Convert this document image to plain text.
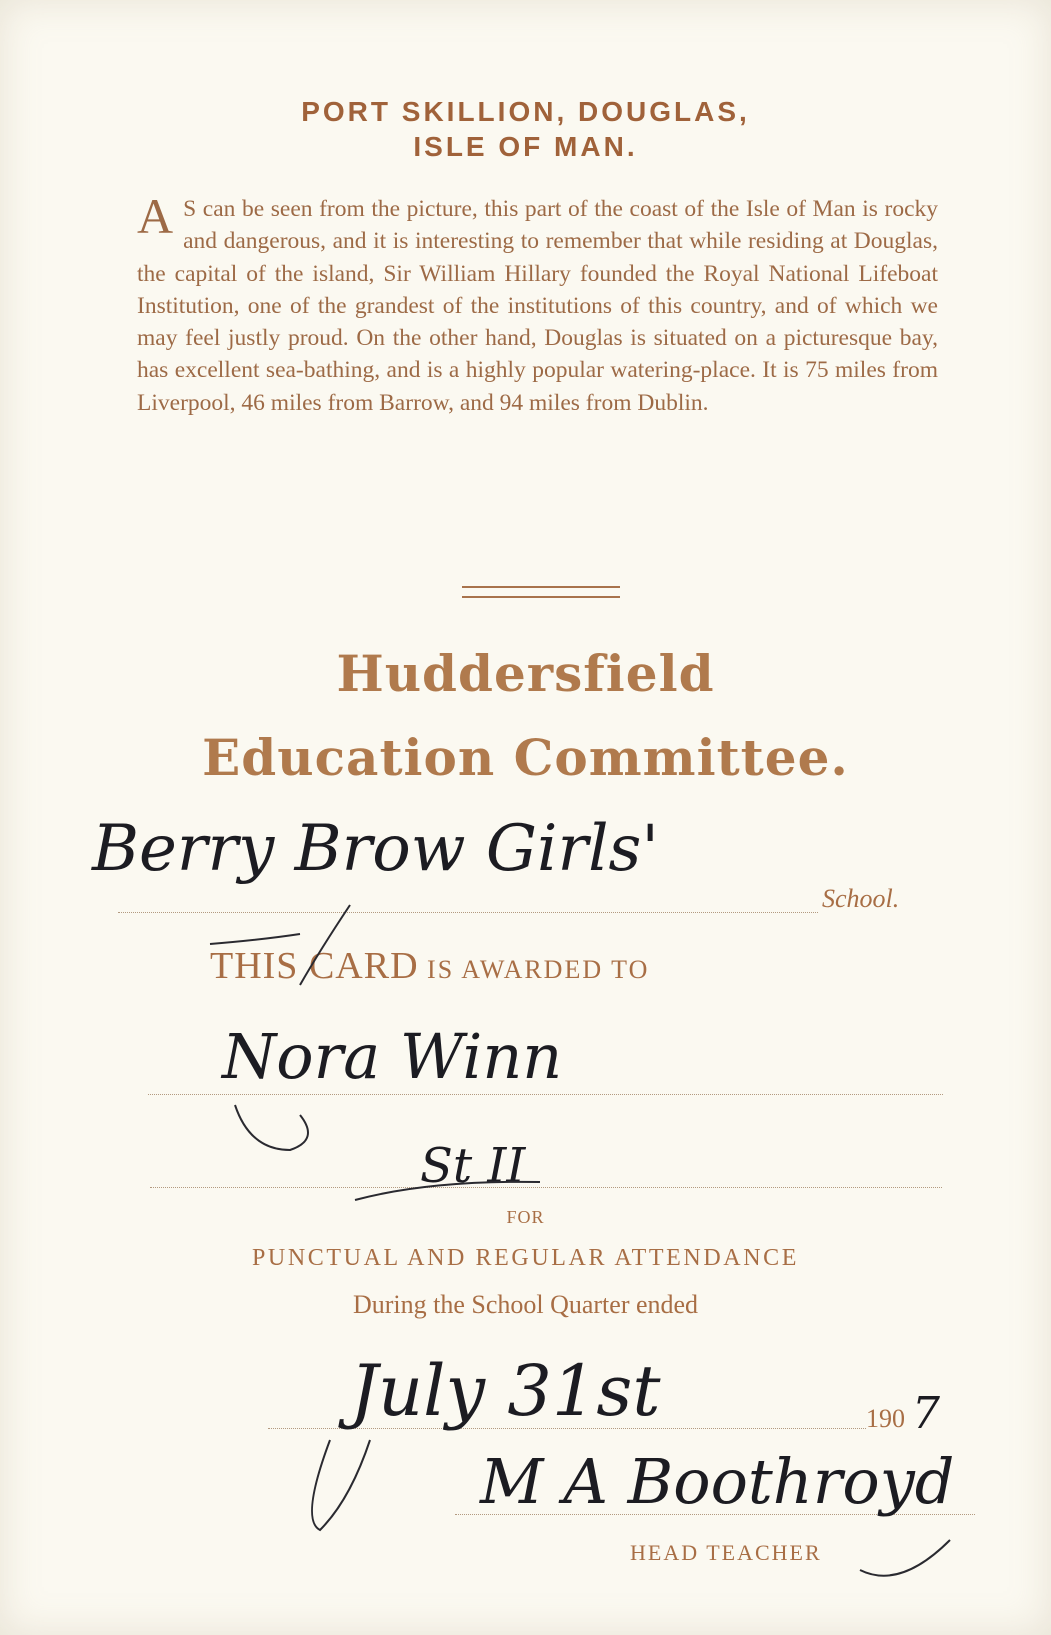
PORT SKILLION, DOUGLAS,
ISLE OF MAN.
A S can be seen from the picture, this part of the coast of the Isle of Man is rocky and dangerous, and it is interesting to remember that while residing at Douglas, the capital of the island, Sir William Hillary founded the Royal National Lifeboat Institution, one of the grandest of the institutions of this country, and of which we may feel justly proud. On the other hand, Douglas is situated on a picturesque bay, has excellent sea-bathing, and is a highly popular watering-place. It is 75 miles from Liverpool, 46 miles from Barrow, and 94 miles from Dublin.
Huddersfield
Education Committee.
School.
Berry Brow Girls'
THIS CARD IS AWARDED TO
Nora Winn
St II
FOR
PUNCTUAL AND REGULAR ATTENDANCE
During the School Quarter ended
190 7
July 31st
M A Boothroyd
HEAD TEACHER
